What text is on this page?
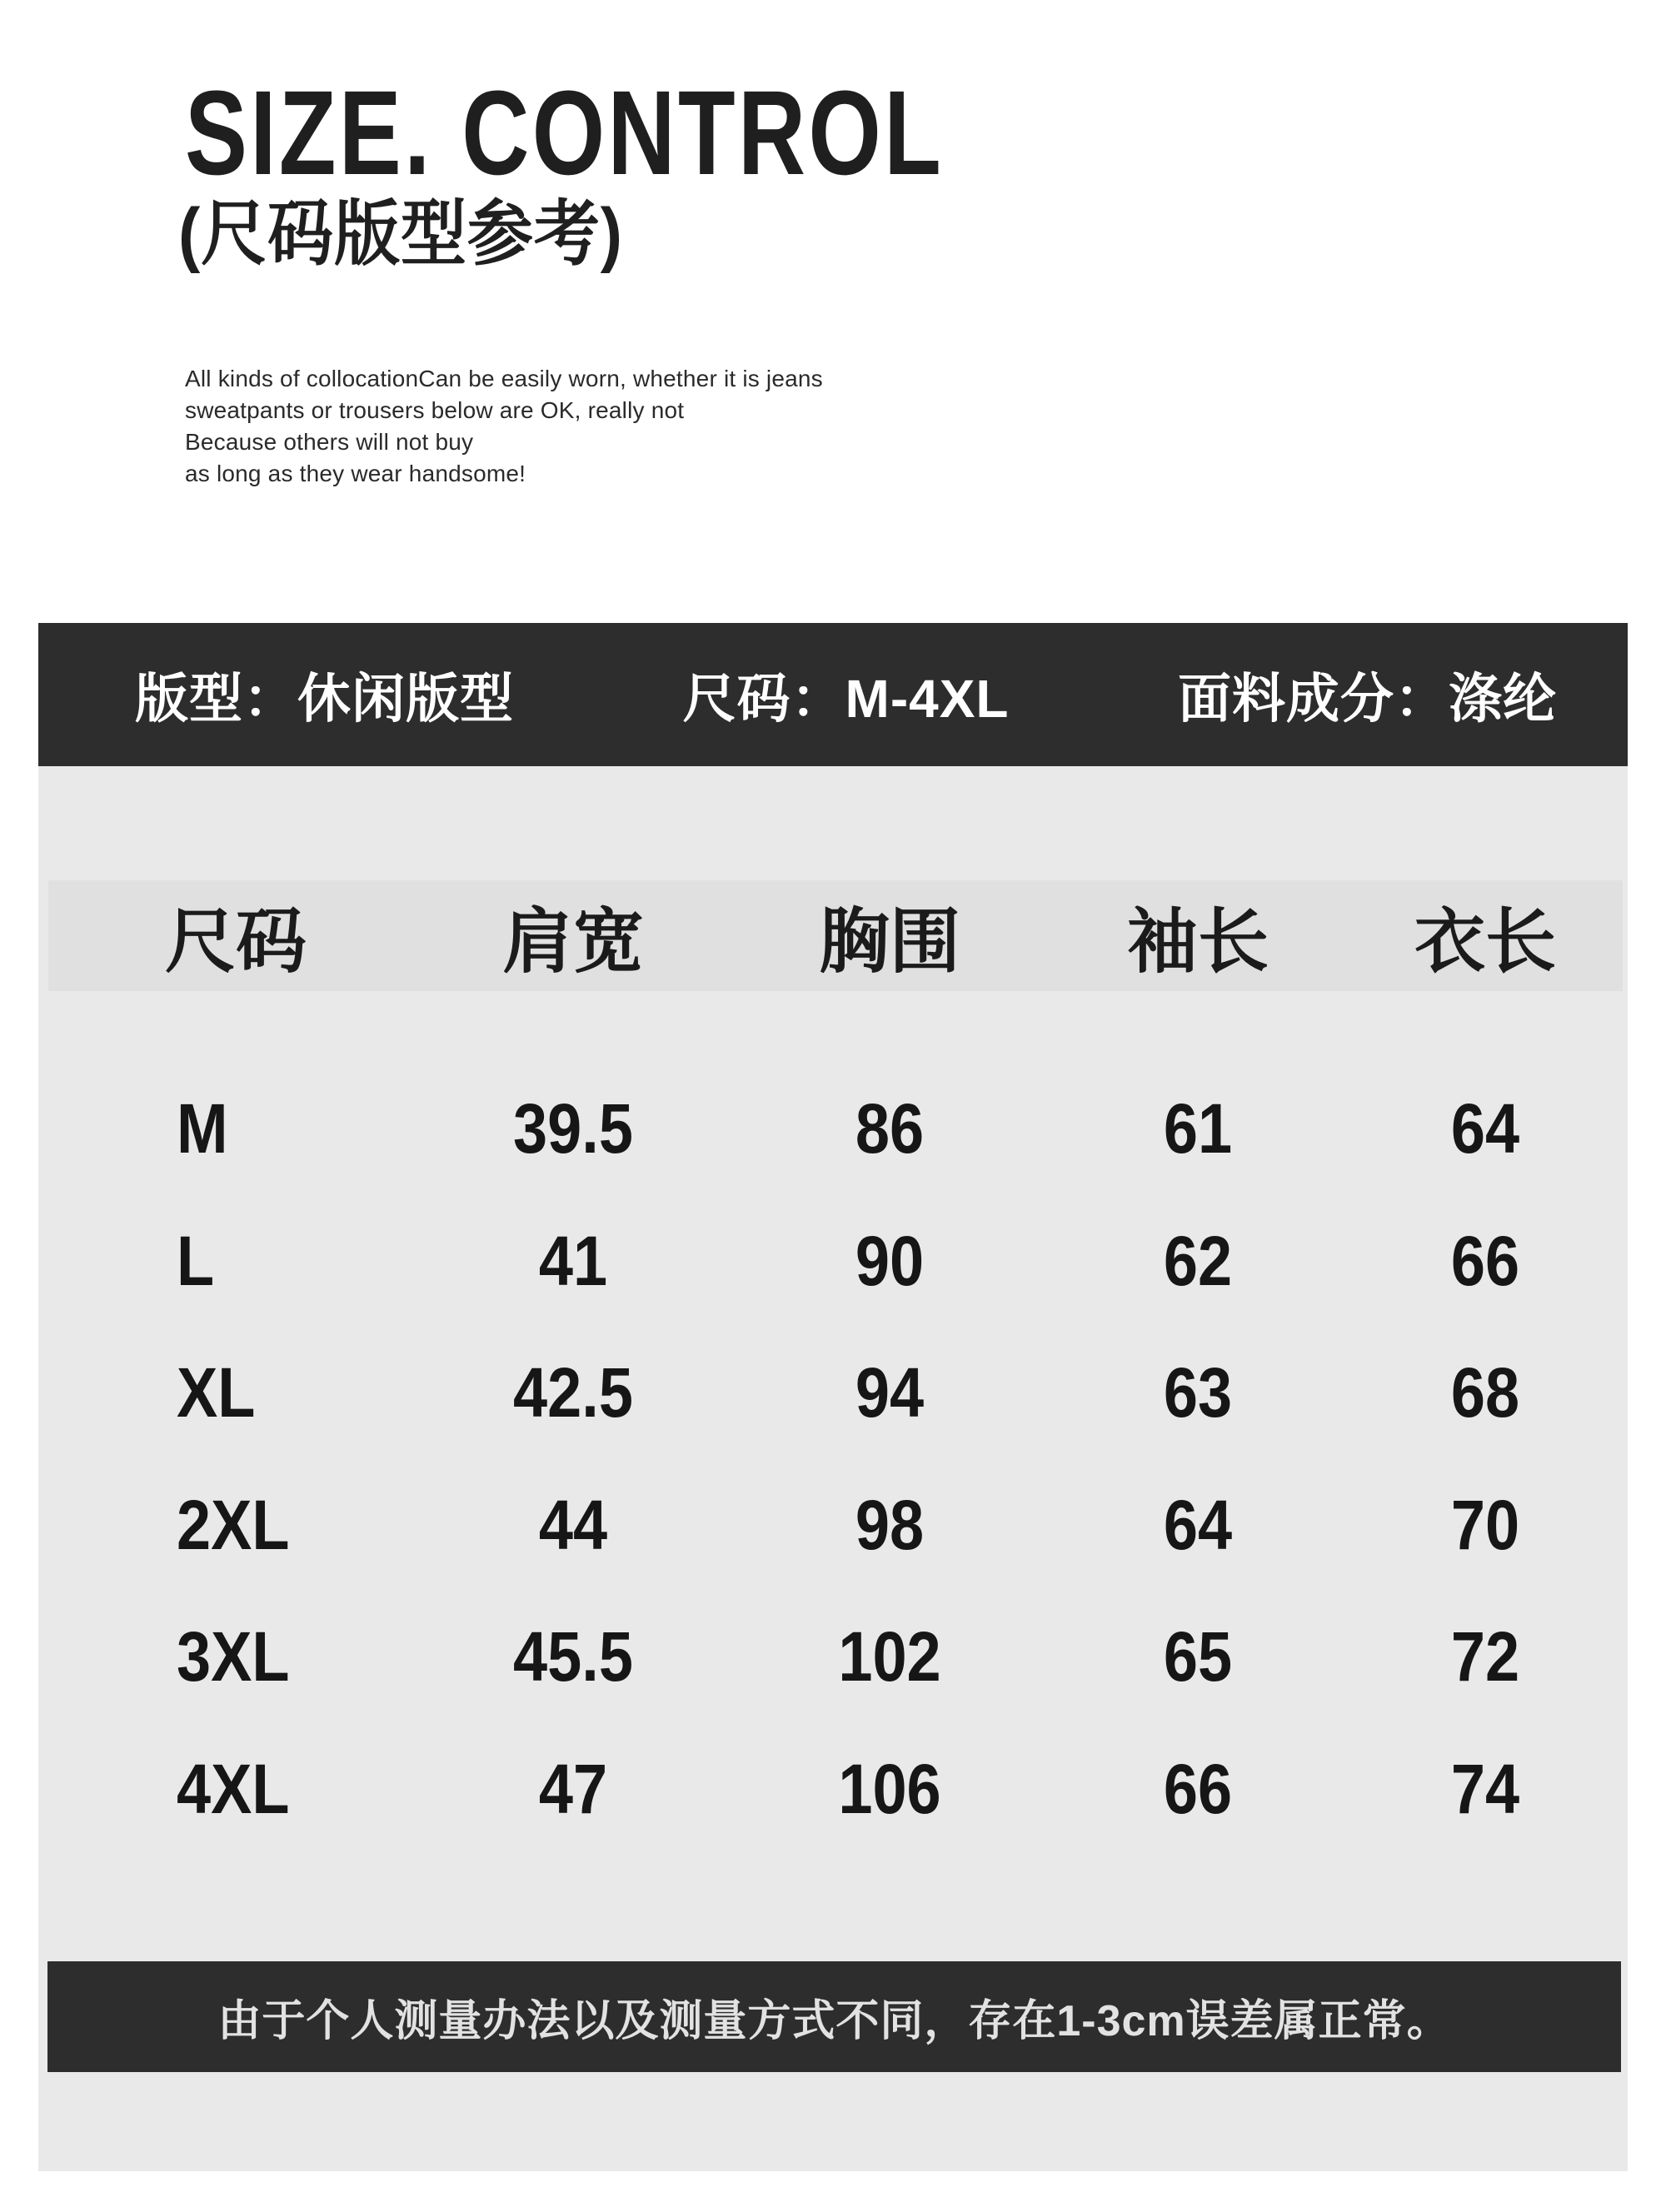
SIZE. CONTROL
(尺码版型参考)
All kinds of collocationCan be easily worn, whether it is jeans
sweatpants or trousers below are OK, really not
Because others will not buy
as long as they wear handsome!
版型：休闲版型	尺码：M-4XL	面料成分：涤纶
尺码	肩宽	胸围	袖长	衣长
M	39.5	86	61	64
L	41	90	62	66
XL	42.5	94	63	68
2XL	44	98	64	70
3XL	45.5	102	65	72
4XL	47	106	66	74
由于个人测量办法以及测量方式不同，存在1-3cm误差属正常。
